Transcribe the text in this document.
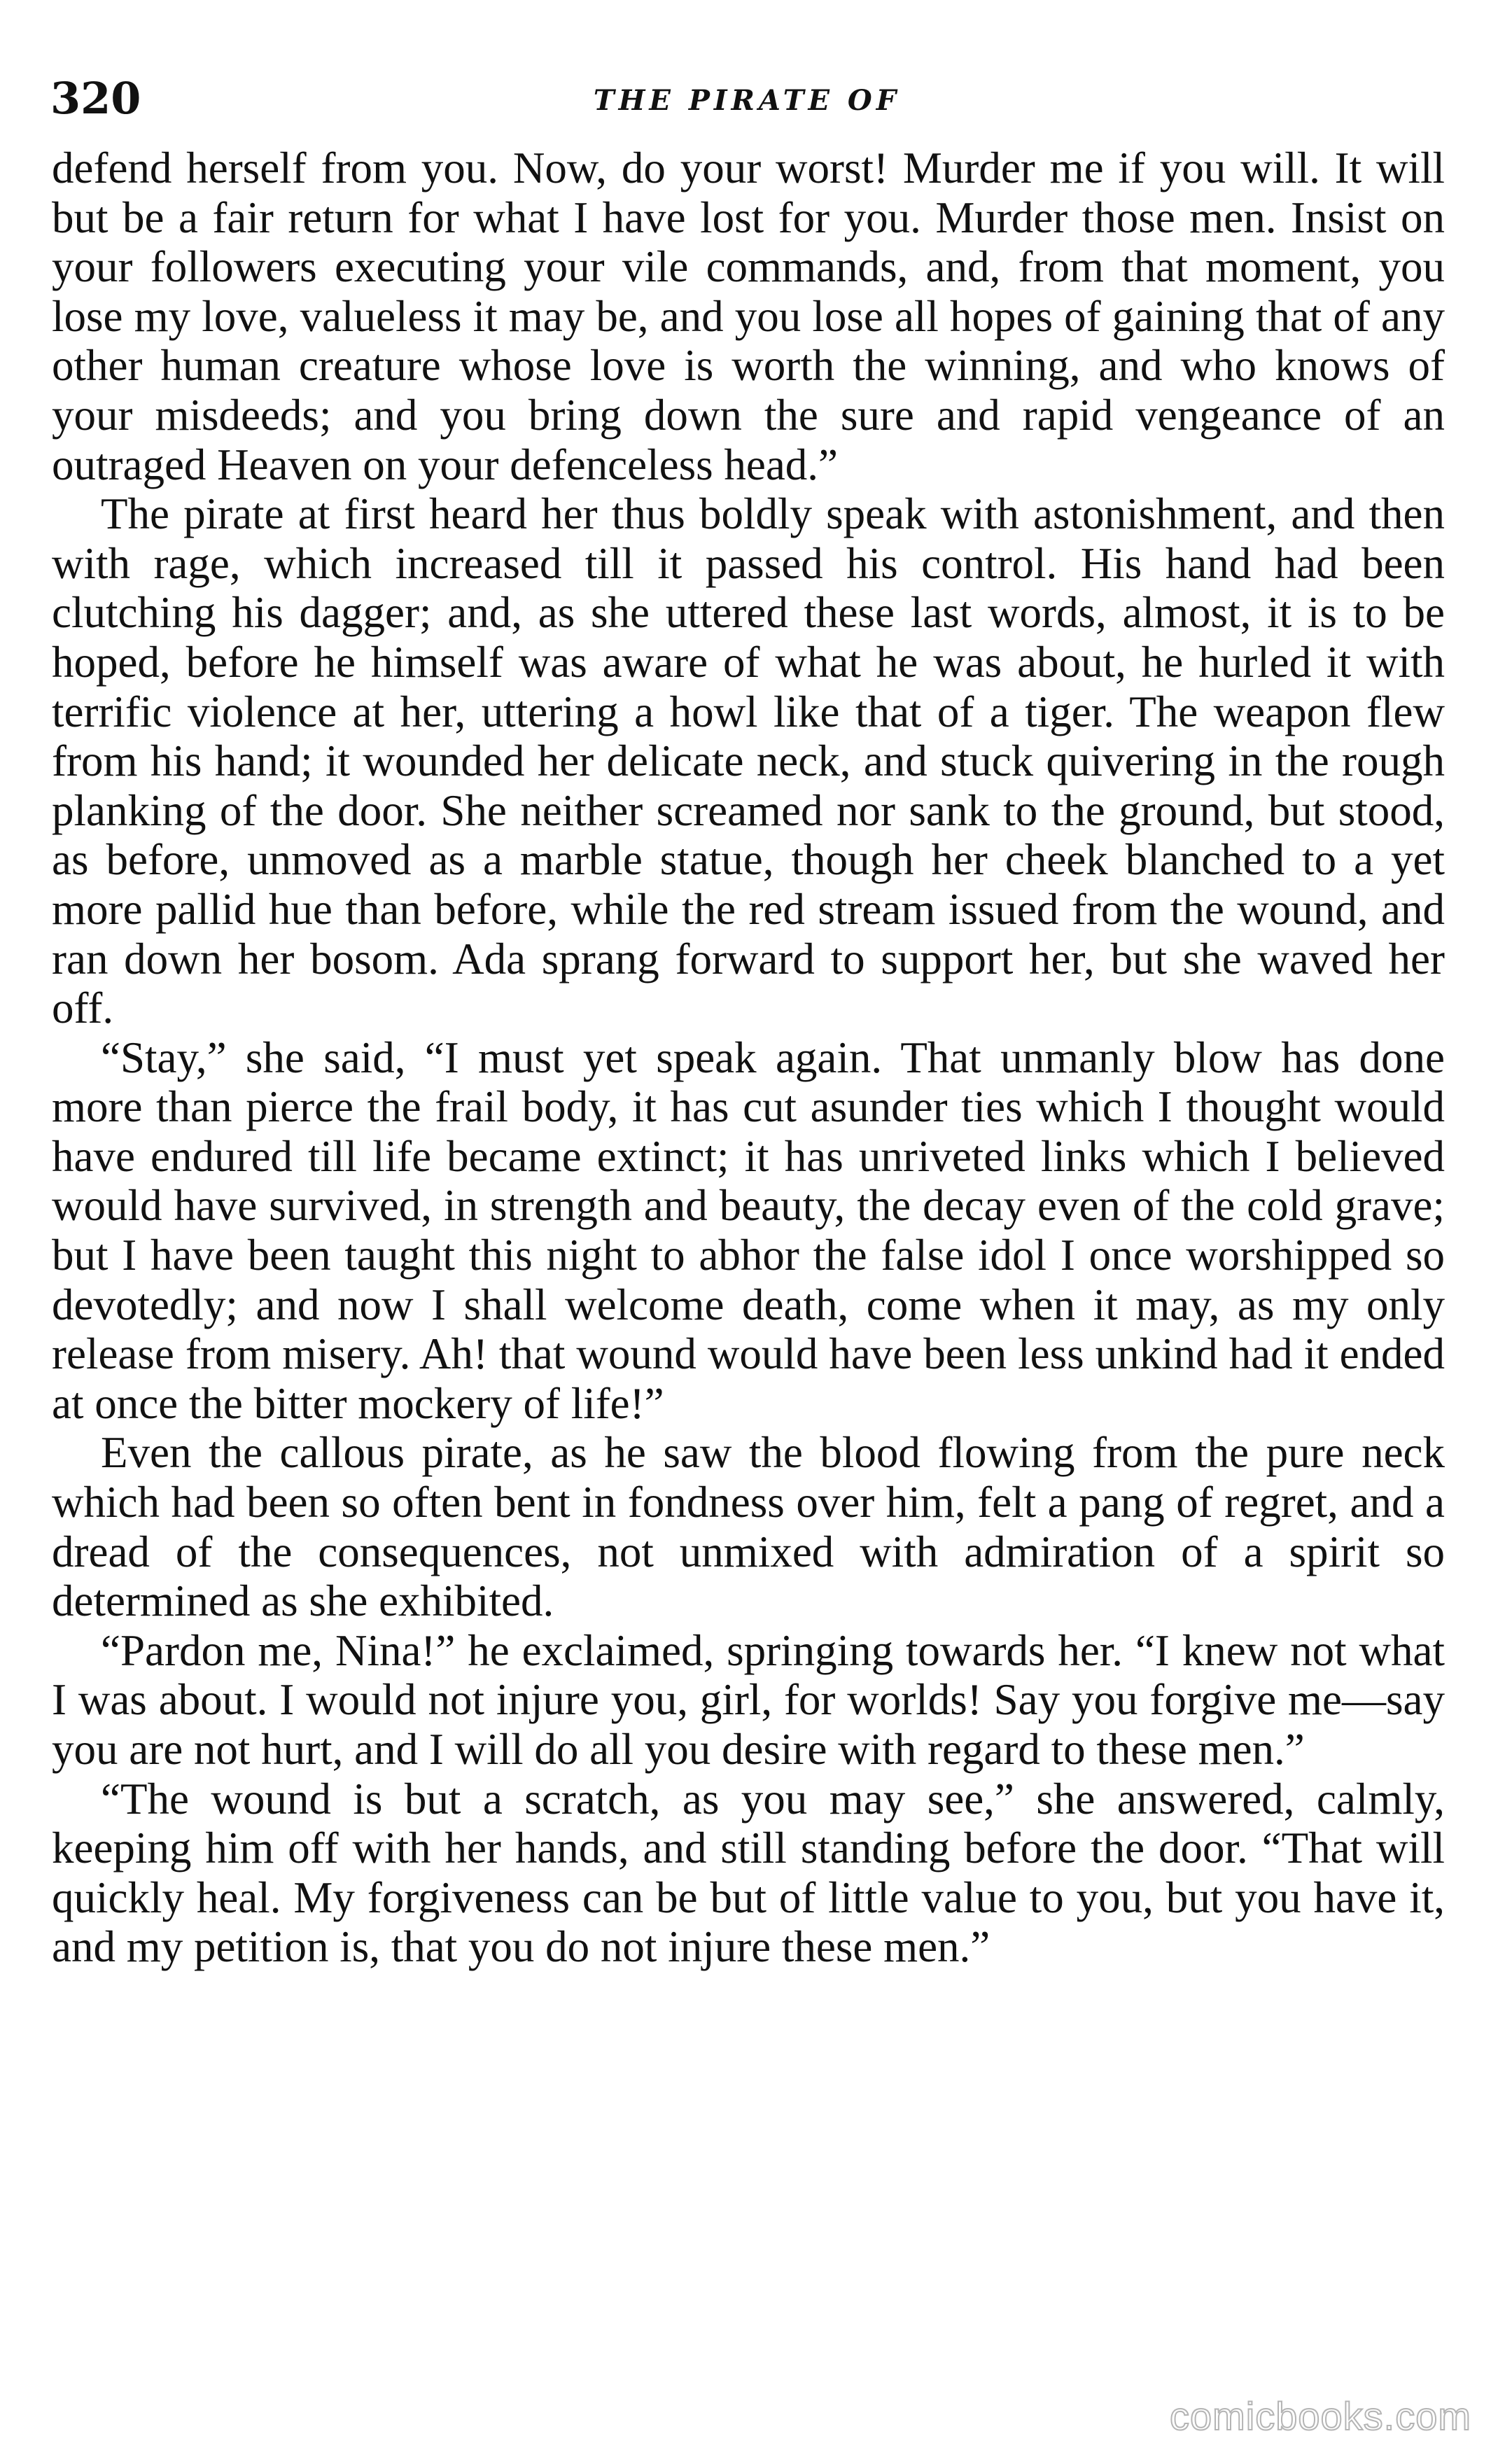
320	THE PIRATE OF

defend herself from you. Now, do your worst! Murder me if you will. It will but be a fair return for what I have lost for you. Murder those men. Insist on your followers executing your vile commands, and, from that moment, you lose my love, valueless it may be, and you lose all hopes of gaining that of any other human creature whose love is worth the winning, and who knows of your misdeeds; and you bring down the sure and rapid vengeance of an outraged Heaven on your defenceless head.”

The pirate at first heard her thus boldly speak with astonishment, and then with rage, which increased till it passed his control. His hand had been clutching his dagger; and, as she uttered these last words, almost, it is to be hoped, before he himself was aware of what he was about, he hurled it with terrific violence at her, uttering a howl like that of a tiger. The weapon flew from his hand; it wounded her delicate neck, and stuck quivering in the rough planking of the door. She neither screamed nor sank to the ground, but stood, as before, unmoved as a marble statue, though her cheek blanched to a yet more pallid hue than before, while the red stream issued from the wound, and ran down her bosom. Ada sprang forward to support her, but she waved her off.

“Stay,” she said, “I must yet speak again. That unmanly blow has done more than pierce the frail body, it has cut asunder ties which I thought would have endured till life became extinct; it has unriveted links which I believed would have survived, in strength and beauty, the decay even of the cold grave; but I have been taught this night to abhor the false idol I once worshipped so devotedly; and now I shall welcome death, come when it may, as my only release from misery. Ah! that wound would have been less unkind had it ended at once the bitter mockery of life!”

Even the callous pirate, as he saw the blood flowing from the pure neck which had been so often bent in fondness over him, felt a pang of regret, and a dread of the consequences, not unmixed with admiration of a spirit so determined as she exhibited.

“Pardon me, Nina!” he exclaimed, springing towards her. “I knew not what I was about. I would not injure you, girl, for worlds! Say you forgive me—say you are not hurt, and I will do all you desire with regard to these men.”

“The wound is but a scratch, as you may see,” she answered, calmly, keeping him off with her hands, and still standing before the door. “That will quickly heal. My forgiveness can be but of little value to you, but you have it, and my petition is, that you do not injure these men.”

comicbooks.com
